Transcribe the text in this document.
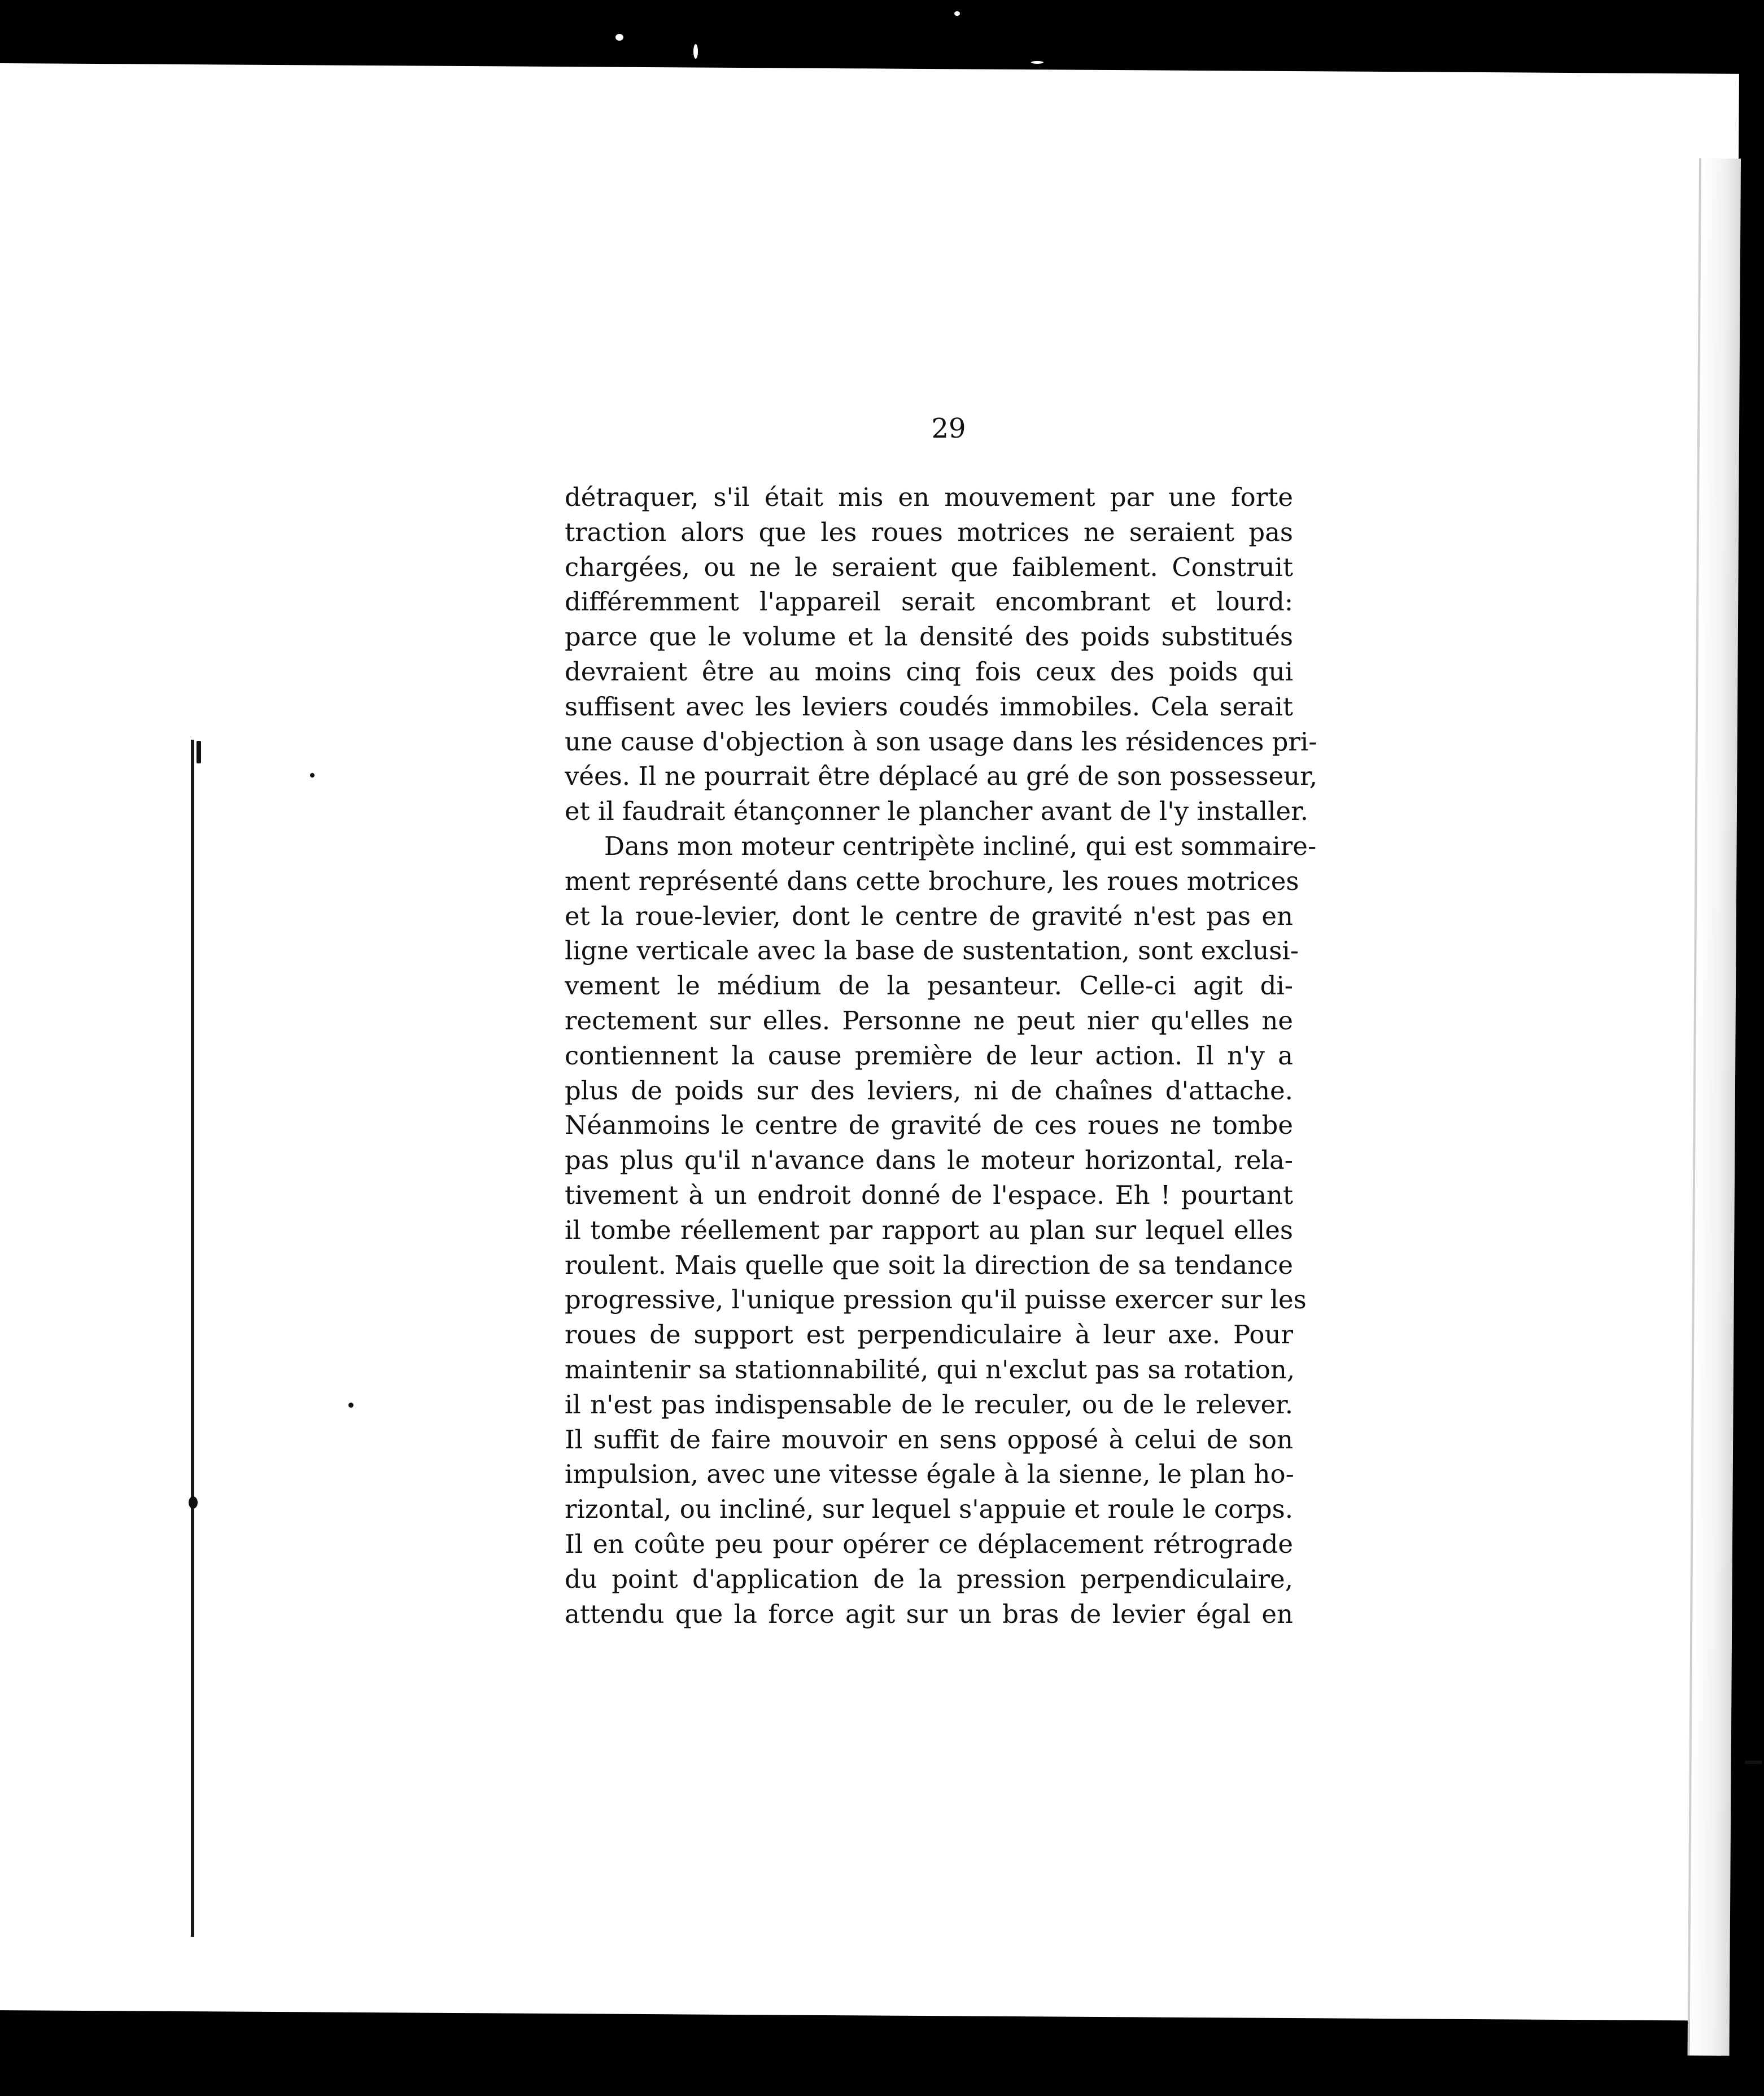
29
détraquer, s'il était mis en mouvement par une forte
traction alors que les roues motrices ne seraient pas
chargées, ou ne le seraient que faiblement. Construit
différemment l'appareil serait encombrant et lourd:
parce que le volume et la densité des poids substitués
devraient être au moins cinq fois ceux des poids qui
suffisent avec les leviers coudés immobiles. Cela serait
une cause d'objection à son usage dans les résidences pri-
vées. Il ne pourrait être déplacé au gré de son possesseur,
et il faudrait étançonner le plancher avant de l'y installer.
Dans mon moteur centripète incliné, qui est sommaire-
ment représenté dans cette brochure, les roues motrices
et la roue-levier, dont le centre de gravité n'est pas en
ligne verticale avec la base de sustentation, sont exclusi-
vement le médium de la pesanteur. Celle-ci agit di-
rectement sur elles. Personne ne peut nier qu'elles ne
contiennent la cause première de leur action. Il n'y a
plus de poids sur des leviers, ni de chaînes d'attache.
Néanmoins le centre de gravité de ces roues ne tombe
pas plus qu'il n'avance dans le moteur horizontal, rela-
tivement à un endroit donné de l'espace. Eh ! pourtant
il tombe réellement par rapport au plan sur lequel elles
roulent. Mais quelle que soit la direction de sa tendance
progressive, l'unique pression qu'il puisse exercer sur les
roues de support est perpendiculaire à leur axe. Pour
maintenir sa stationnabilité, qui n'exclut pas sa rotation,
il n'est pas indispensable de le reculer, ou de le relever.
Il suffit de faire mouvoir en sens opposé à celui de son
impulsion, avec une vitesse égale à la sienne, le plan ho-
rizontal, ou incliné, sur lequel s'appuie et roule le corps.
Il en coûte peu pour opérer ce déplacement rétrograde
du point d'application de la pression perpendiculaire,
attendu que la force agit sur un bras de levier égal en
